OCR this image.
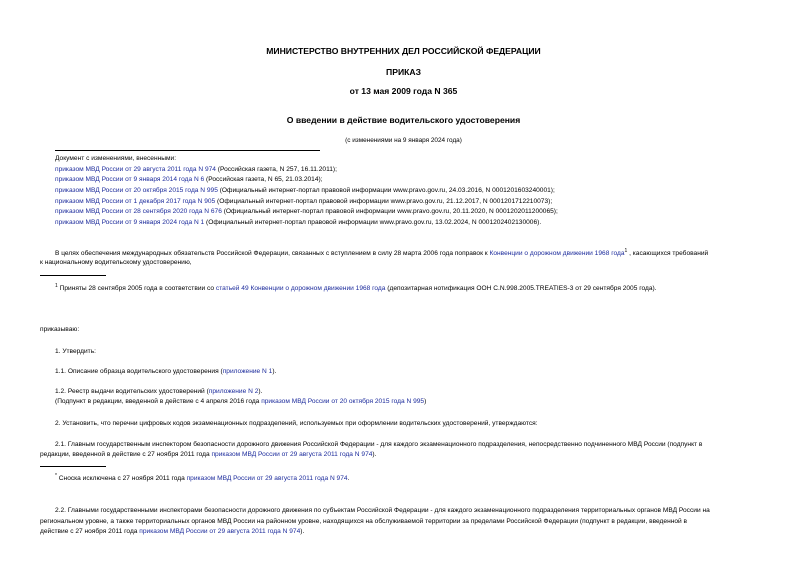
МИНИСТЕРСТВО ВНУТРЕННИХ ДЕЛ РОССИЙСКОЙ ФЕДЕРАЦИИ
ПРИКАЗ
от 13 мая 2009 года N 365
О введении в действие водительского удостоверения
(с изменениями на 9 января 2024 года)
Документ с изменениями, внесенными:
приказом МВД России от 29 августа 2011 года N 974 (Российская газета, N 257, 16.11.2011);
приказом МВД России от 9 января 2014 года N 6 (Российская газета, N 65, 21.03.2014);
приказом МВД России от 20 октября 2015 года N 995 (Официальный интернет-портал правовой информации www.pravo.gov.ru, 24.03.2016, N 0001201603240001);
приказом МВД России от 1 декабря 2017 года N 905 (Официальный интернет-портал правовой информации www.pravo.gov.ru, 21.12.2017, N 0001201712210073);
приказом МВД России от 28 сентября 2020 года N 676 (Официальный интернет-портал правовой информации www.pravo.gov.ru, 20.11.2020, N 0001202011200065);
приказом МВД России от 9 января 2024 года N 1 (Официальный интернет-портал правовой информации www.pravo.gov.ru, 13.02.2024, N 0001202402130006).
В целях обеспечения международных обязательств Российской Федерации, связанных с вступлением в силу 28 марта 2006 года поправок к Конвенции о дорожном движении 1968 года$^1$ , касающихся требований
к национальному водительскому удостоверению,
$^1$ Приняты 28 сентября 2005 года в соответствии со статьей 49 Конвенции о дорожном движении 1968 года (депозитарная нотификация ООН C.N.998.2005.TREATIES-3 от 29 сентября 2005 года).
приказываю:
1. Утвердить:
1.1. Описание образца водительского удостоверения (приложение N 1).
1.2. Реестр выдачи водительских удостоверений (приложение N 2).
(Подпункт в редакции, введенной в действие с 4 апреля 2016 года приказом МВД России от 20 октября 2015 года N 995)
2. Установить, что перечни цифровых кодов экзаменационных подразделений, используемых при оформлении водительских удостоверений, утверждаются:
2.1. Главным государственным инспектором безопасности дорожного движения Российской Федерации - для каждого экзаменационного подразделения, непосредственно подчиненного МВД России (подпункт в
редакции, введенной в действие с 27 ноября 2011 года приказом МВД России от 29 августа 2011 года N 974).
* Сноска исключена с 27 ноября 2011 года приказом МВД России от 29 августа 2011 года N 974.
2.2. Главными государственными инспекторами безопасности дорожного движения по субъектам Российской Федерации - для каждого экзаменационного подразделения территориальных органов МВД России на
региональном уровне, а также территориальных органов МВД России на районном уровне, находящихся на обслуживаемой территории за пределами Российской Федерации (подпункт в редакции, введенной в
действие с 27 ноября 2011 года приказом МВД России от 29 августа 2011 года N 974).
